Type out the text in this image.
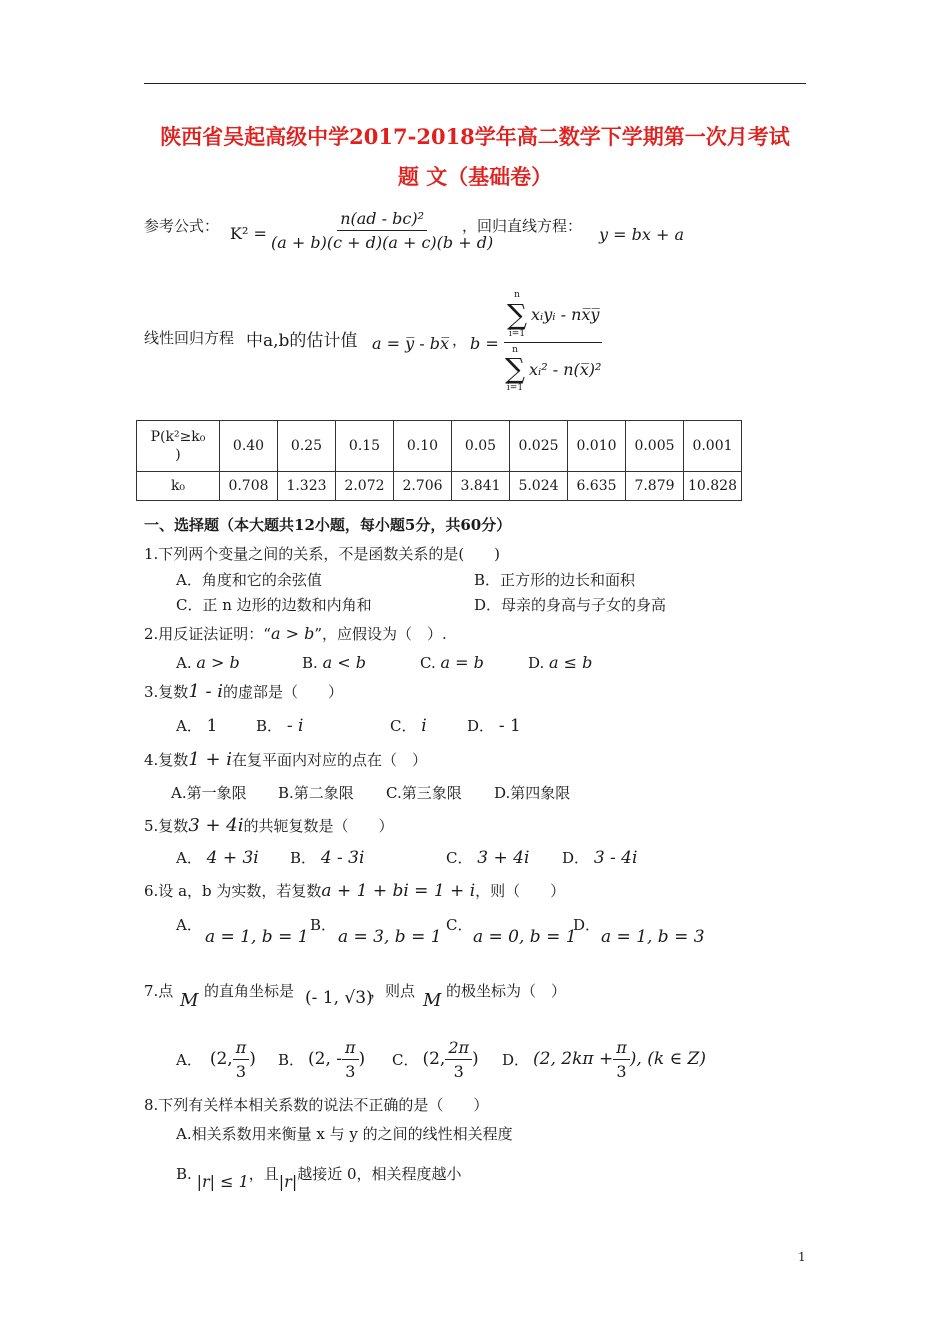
陕西省吴起高级中学2017-2018学年高二数学下学期第一次月考试
题 文（基础卷）
参考公式： $K^2 = \frac{\text{n(ad - bc)²}}{(a + b)(c + d)(a + c)(b + d)}$
，回归直线方程： y = bx + a
线性回归方程 中a,b的估计值 a = y̅ - bx̅ ， b = n
∑
i=1
xᵢyᵢ - nx̅y̅
n
∑
i=1
xᵢ² - n(x̅)²
P(k²≥k₀
)	0.40	0.25	0.15	0.10	0.05	0.025	0.010	0.005	0.001
k₀	0.708	1.323	2.072	2.706	3.841	5.024	6.635	7.879	10.828
一、选择题（本大题共12小题，每小题5分，共60分）
1.下列两个变量之间的关系，不是函数关系的是(　　)
A．角度和它的余弦值	B．正方形的边长和面积
C．正 n 边形的边数和内角和	D．母亲的身高与子女的身高
2.用反证法证明：“a > b”，应假设为（　）.
A. a > b	B. a < b	C. a = b	D. a ≤ b
3.复数1 - i的虚部是（　　）
A． 1	B． - i	C． i	D． - 1
4.复数1 + i在复平面内对应的点在（　）
A.第一象限 B.第二象限 C.第三象限 D.第四象限
5.复数3 + 4i的共轭复数是（　　）
A． 4 + 3i B． 4 - 3i	C． 3 + 4i D． 3 - 4i
6.设 a，b 为实数，若复数a + 1 + bi = 1 + i，则（　　）
A．
a = 1, b = 1
B．
a = 3, b = 1
C．
a = 0, b = 1
D．
a = 1, b = 3
7.点 M 的直角坐标是 (- 1, √3)
，则点 M 的极坐标为（　）
A． (2, $\frac{\pi}{3}$ ) B． (2, - $\frac{\pi}{3}$ ) C． (2, $\frac{2\pi}{3}$ ) D． (2, $2k\pi + \frac{\pi}{3}$ ), (k ∈ Z)
8.下列有关样本相关系数的说法不正确的是（　　）
A.相关系数用来衡量 x 与 y 的之间的线性相关程度
B. |r| ≤ 1，且|r|越接近 0，相关程度越小
1
